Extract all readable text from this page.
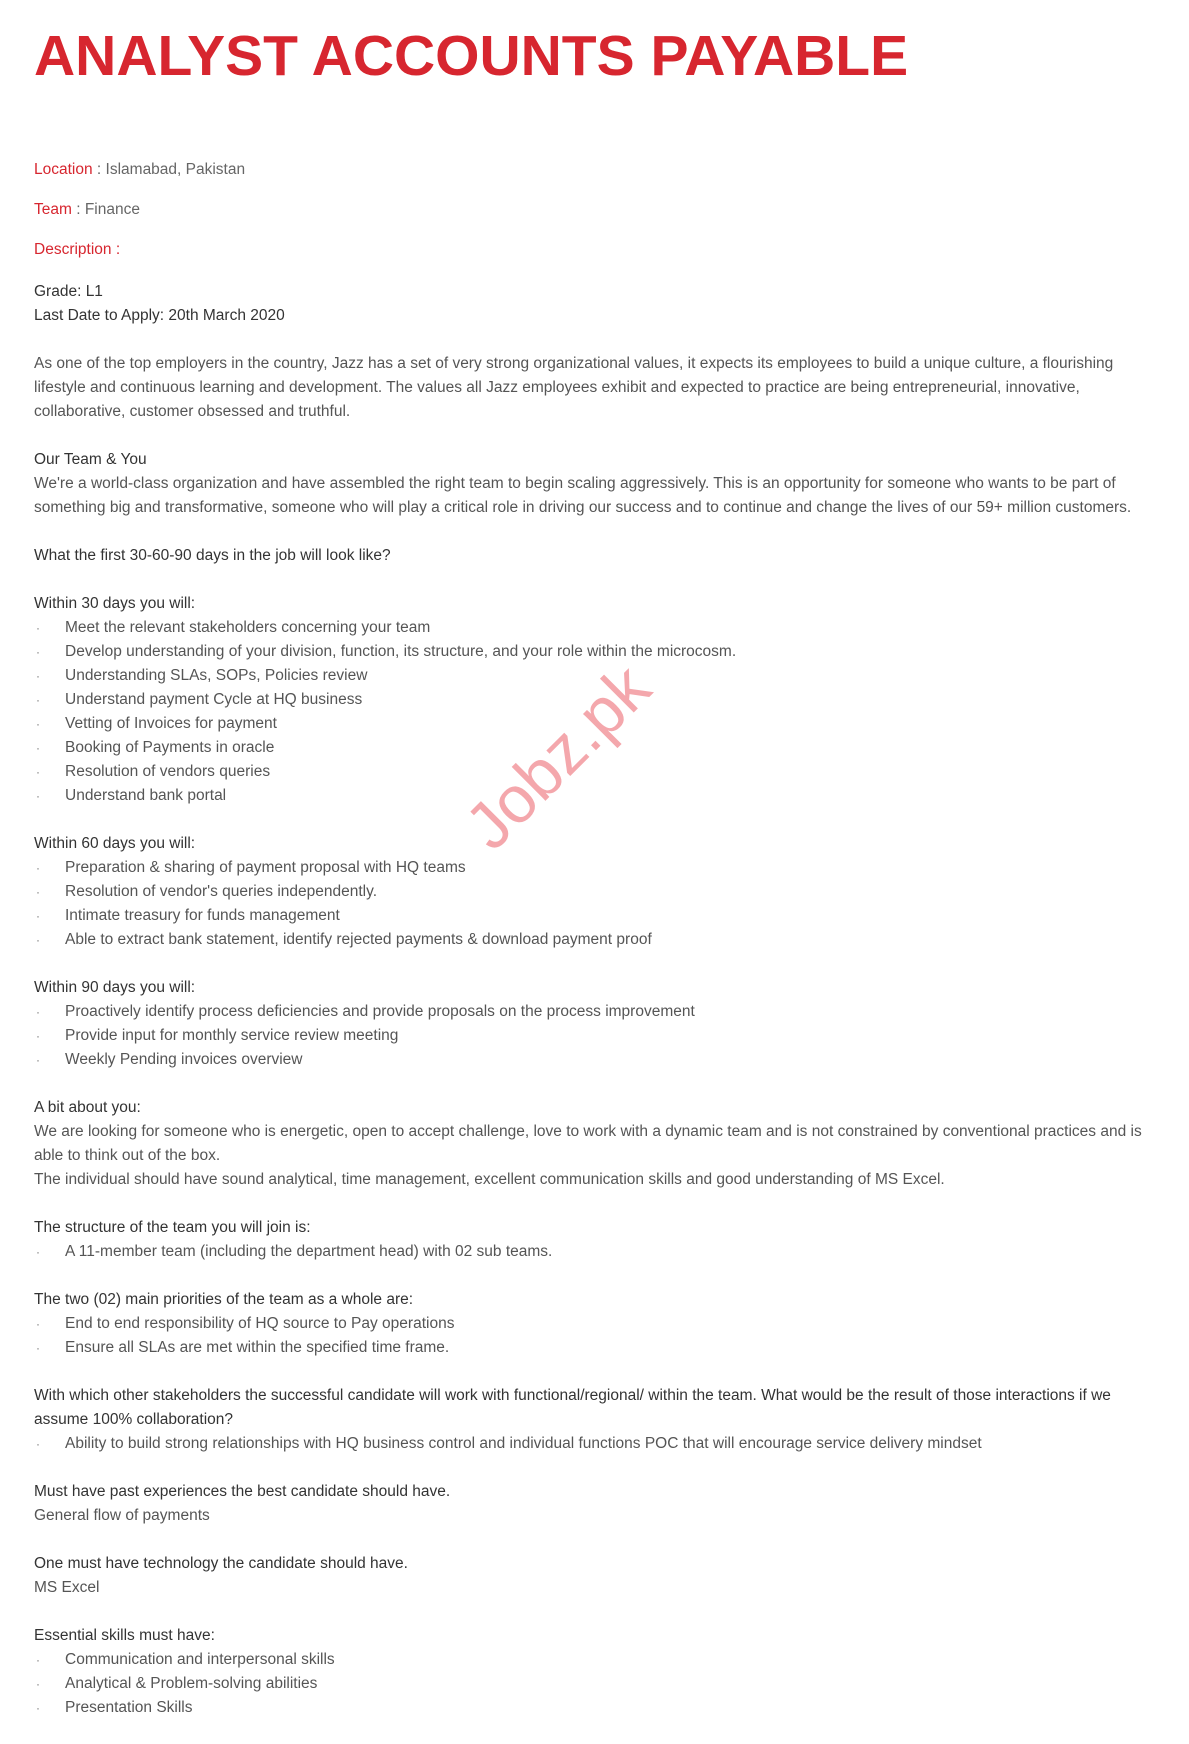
ANALYST ACCOUNTS PAYABLE
Location : Islamabad, Pakistan
Team : Finance
Description :
Grade: L1
Last Date to Apply: 20th March 2020
As one of the top employers in the country, Jazz has a set of very strong organizational values, it expects its employees to build a unique culture, a flourishing lifestyle and continuous learning and development. The values all Jazz employees exhibit and expected to practice are being entrepreneurial, innovative, collaborative, customer obsessed and truthful.
Our Team & You
We're a world-class organization and have assembled the right team to begin scaling aggressively. This is an opportunity for someone who wants to be part of something big and transformative, someone who will play a critical role in driving our success and to continue and change the lives of our 59+ million customers.
What the first 30-60-90 days in the job will look like?
Within 30 days you will:
· Meet the relevant stakeholders concerning your team
· Develop understanding of your division, function, its structure, and your role within the microcosm.
· Understanding SLAs, SOPs, Policies review
· Understand payment Cycle at HQ business
· Vetting of Invoices for payment
· Booking of Payments in oracle
· Resolution of vendors queries
· Understand bank portal
Within 60 days you will:
· Preparation & sharing of payment proposal with HQ teams
· Resolution of vendor's queries independently.
· Intimate treasury for funds management
· Able to extract bank statement, identify rejected payments & download payment proof
Within 90 days you will:
· Proactively identify process deficiencies and provide proposals on the process improvement
· Provide input for monthly service review meeting
· Weekly Pending invoices overview
A bit about you:
We are looking for someone who is energetic, open to accept challenge, love to work with a dynamic team and is not constrained by conventional practices and is able to think out of the box.
The individual should have sound analytical, time management, excellent communication skills and good understanding of MS Excel.
The structure of the team you will join is:
· A 11-member team (including the department head) with 02 sub teams.
The two (02) main priorities of the team as a whole are:
· End to end responsibility of HQ source to Pay operations
· Ensure all SLAs are met within the specified time frame.
With which other stakeholders the successful candidate will work with functional/regional/ within the team. What would be the result of those interactions if we assume 100% collaboration?
· Ability to build strong relationships with HQ business control and individual functions POC that will encourage service delivery mindset
Must have past experiences the best candidate should have.
General flow of payments
One must have technology the candidate should have.
MS Excel
Essential skills must have:
· Communication and interpersonal skills
· Analytical & Problem-solving abilities
· Presentation Skills
Jobz.pk
